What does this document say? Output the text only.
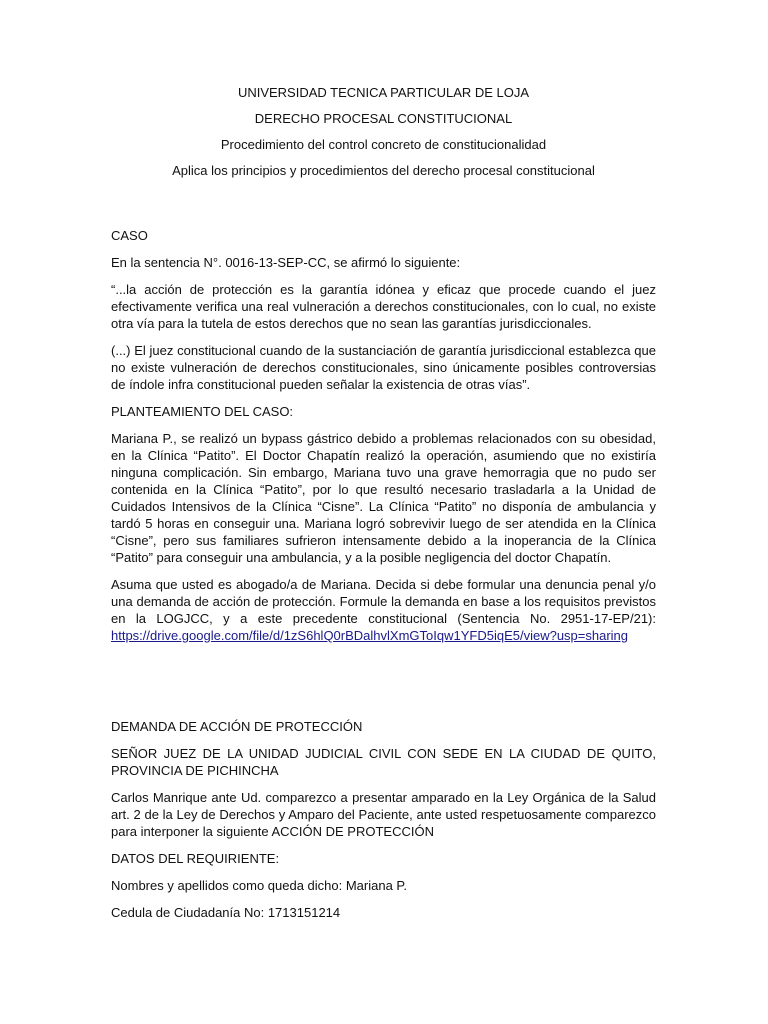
UNIVERSIDAD TECNICA PARTICULAR DE LOJA

DERECHO PROCESAL CONSTITUCIONAL

Procedimiento del control concreto de constitucionalidad

Aplica los principios y procedimientos del derecho procesal constitucional

CASO

En la sentencia N°. 0016-13-SEP-CC, se afirmó lo siguiente:

“...la acción de protección es la garantía idónea y eficaz que procede cuando el juez efectivamente verifica una real vulneración a derechos constitucionales, con lo cual, no existe otra vía para la tutela de estos derechos que no sean las garantías jurisdiccionales.

(...) El juez constitucional cuando de la sustanciación de garantía jurisdiccional establezca que no existe vulneración de derechos constitucionales, sino únicamente posibles controversias de índole infra constitucional pueden señalar la existencia de otras vías”.

PLANTEAMIENTO DEL CASO:

Mariana P., se realizó un bypass gástrico debido a problemas relacionados con su obesidad, en la Clínica “Patito”. El Doctor Chapatín realizó la operación, asumiendo que no existiría ninguna complicación. Sin embargo, Mariana tuvo una grave hemorragia que no pudo ser contenida en la Clínica “Patito”, por lo que resultó necesario trasladarla a la Unidad de Cuidados Intensivos de la Clínica “Cisne”. La Clínica “Patito” no disponía de ambulancia y tardó 5 horas en conseguir una. Mariana logró sobrevivir luego de ser atendida en la Clínica “Cisne”, pero sus familiares sufrieron intensamente debido a la inoperancia de la Clínica “Patito” para conseguir una ambulancia, y a la posible negligencia del doctor Chapatín.

Asuma que usted es abogado/a de Mariana. Decida si debe formular una denuncia penal y/o una demanda de acción de protección. Formule la demanda en base a los requisitos previstos en la LOGJCC, y a este precedente constitucional (Sentencia No. 2951-17-EP/21): https://drive.google.com/file/d/1zS6hlQ0rBDalhvlXmGToIqw1YFD5iqE5/view?usp=sharing

DEMANDA DE ACCIÓN DE PROTECCIÓN

SEÑOR JUEZ DE LA UNIDAD JUDICIAL CIVIL CON SEDE EN LA CIUDAD DE QUITO, PROVINCIA DE PICHINCHA

Carlos Manrique ante Ud. comparezco a presentar amparado en la Ley Orgánica de la Salud art. 2 de la Ley de Derechos y Amparo del Paciente, ante usted respetuosamente comparezco para interponer la siguiente ACCIÓN DE PROTECCIÓN

DATOS DEL REQUIRIENTE:

Nombres y apellidos como queda dicho: Mariana P.

Cedula de Ciudadanía No: 1713151214
